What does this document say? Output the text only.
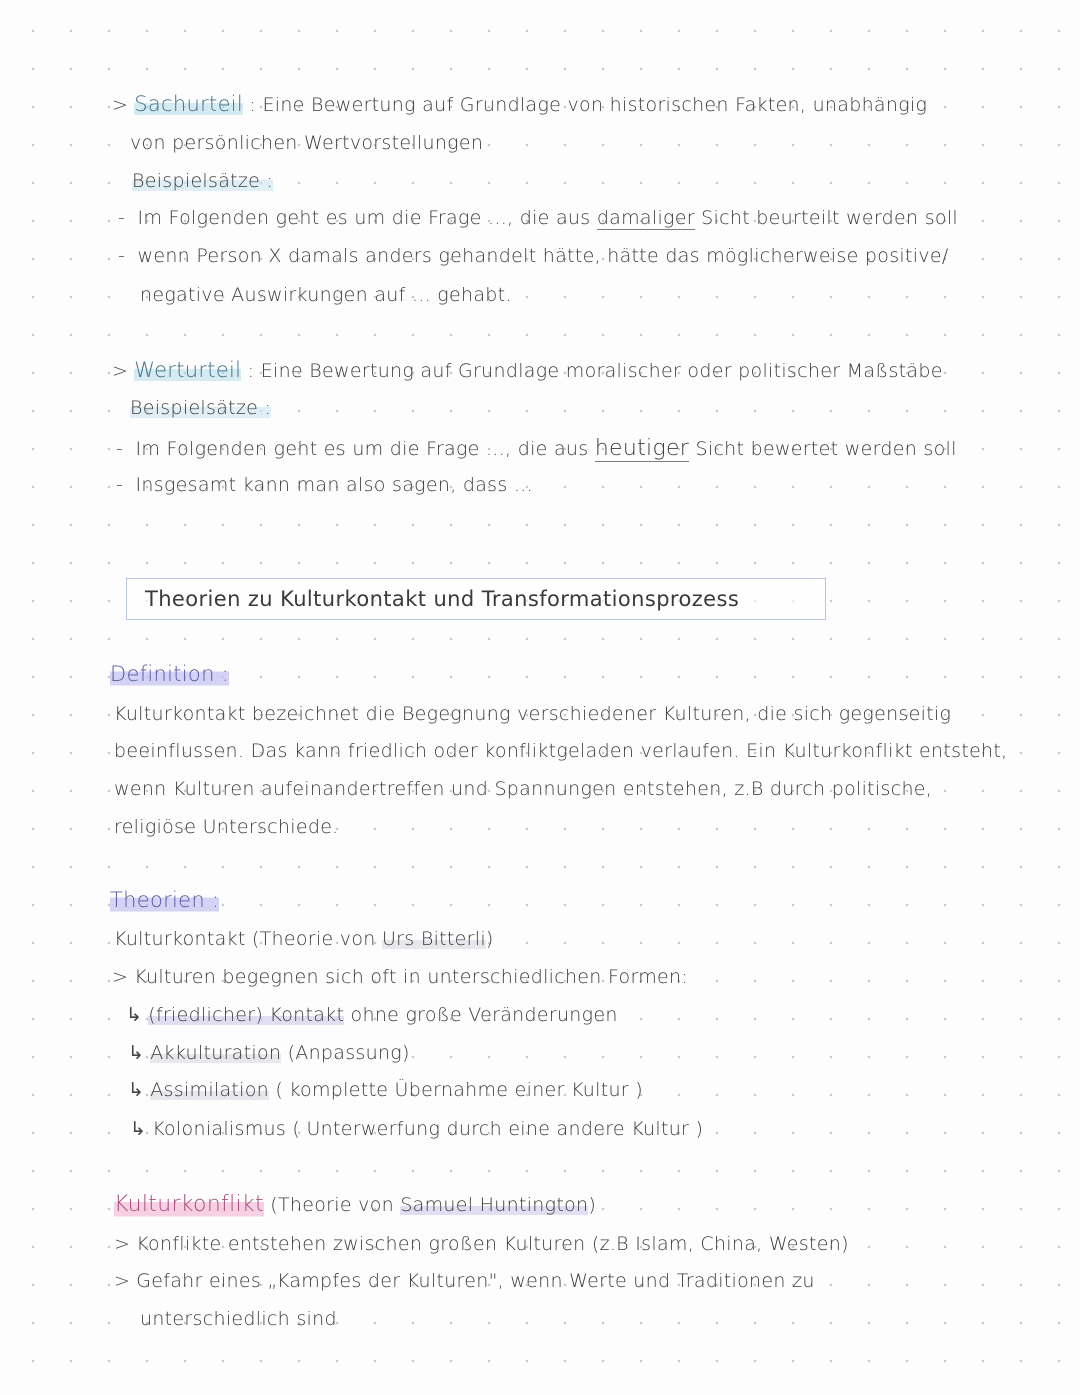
> Sachurteil : Eine Bewertung auf Grundlage von historischen Fakten, unabhängig
von persönlichen Wertvorstellungen
Beispielsätze :
- Im Folgenden geht es um die Frage ..., die aus damaliger Sicht beurteilt werden soll
- wenn Person X damals anders gehandelt hätte, hätte das möglicherweise positive/
negative Auswirkungen auf ... gehabt.
> Werturteil : Eine Bewertung auf Grundlage moralischer oder politischer Maßstäbe
Beispielsätze :
- Im Folgenden geht es um die Frage ..., die aus heutiger Sicht bewertet werden soll
- Insgesamt kann man also sagen, dass ...
Theorien zu Kulturkontakt und Transformationsprozess
Definition :
Kulturkontakt bezeichnet die Begegnung verschiedener Kulturen, die sich gegenseitig
beeinflussen. Das kann friedlich oder konfliktgeladen verlaufen. Ein Kulturkonflikt entsteht,
wenn Kulturen aufeinandertreffen und Spannungen entstehen, z.B durch politische,
religiöse Unterschiede.
Theorien :
Kulturkontakt (Theorie von Urs Bitterli)
> Kulturen begegnen sich oft in unterschiedlichen Formen:
↳ (friedlicher) Kontakt ohne große Veränderungen
↳ Akkulturation (Anpassung)
↳ Assimilation ( komplette Übernahme einer Kultur )
↳ Kolonialismus ( Unterwerfung durch eine andere Kultur )
Kulturkonflikt (Theorie von Samuel Huntington)
> Konflikte entstehen zwischen großen Kulturen (z.B Islam, China, Westen)
> Gefahr eines „Kampfes der Kulturen", wenn Werte und Traditionen zu
unterschiedlich sind
